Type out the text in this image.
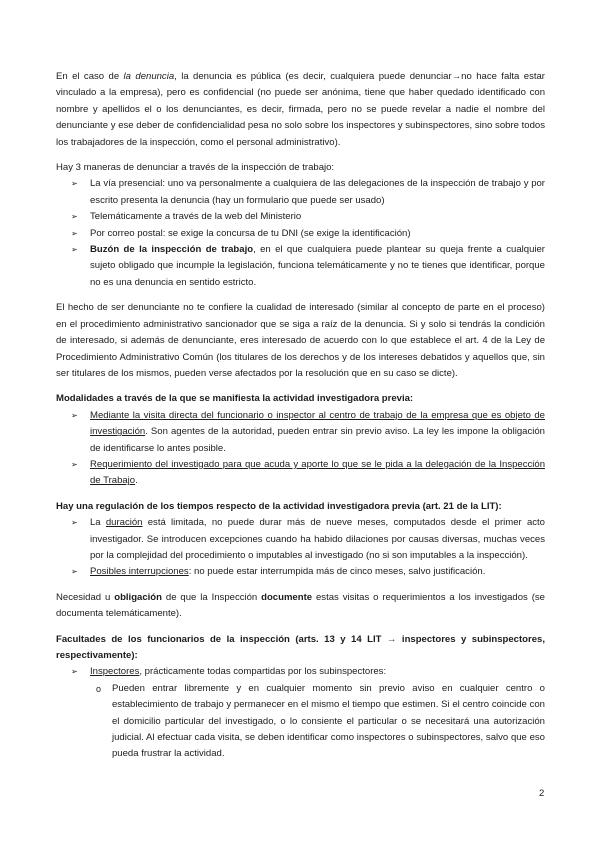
En el caso de la denuncia, la denuncia es pública (es decir, cualquiera puede denunciar→no hace falta estar vinculado a la empresa), pero es confidencial (no puede ser anónima, tiene que haber quedado identificado con nombre y apellidos el o los denunciantes, es decir, firmada, pero no se puede revelar a nadie el nombre del denunciante y ese deber de confidencialidad pesa no solo sobre los inspectores y subinspectores, sino sobre todos los trabajadores de la inspección, como el personal administrativo).

Hay 3 maneras de denunciar a través de la inspección de trabajo:

➢ La vía presencial: uno va personalmente a cualquiera de las delegaciones de la inspección de trabajo y por escrito presenta la denuncia (hay un formulario que puede ser usado)
➢ Telemáticamente a través de la web del Ministerio
➢ Por correo postal: se exige la concursa de tu DNI (se exige la identificación)
➢ Buzón de la inspección de trabajo, en el que cualquiera puede plantear su queja frente a cualquier sujeto obligado que incumple la legislación, funciona telemáticamente y no te tienes que identificar, porque no es una denuncia en sentido estricto.

El hecho de ser denunciante no te confiere la cualidad de interesado (similar al concepto de parte en el proceso) en el procedimiento administrativo sancionador que se siga a raíz de la denuncia. Si y solo si tendrás la condición de interesado, si además de denunciante, eres interesado de acuerdo con lo que establece el art. 4 de la Ley de Procedimiento Administrativo Común (los titulares de los derechos y de los intereses debatidos y aquellos que, sin ser titulares de los mismos, pueden verse afectados por la resolución que en su caso se dicte).

Modalidades a través de la que se manifiesta la actividad investigadora previa:

➢ Mediante la visita directa del funcionario o inspector al centro de trabajo de la empresa que es objeto de investigación. Son agentes de la autoridad, pueden entrar sin previo aviso. La ley les impone la obligación de identificarse lo antes posible.
➢ Requerimiento del investigado para que acuda y aporte lo que se le pida a la delegación de la Inspección de Trabajo.

Hay una regulación de los tiempos respecto de la actividad investigadora previa (art. 21 de la LIT):

➢ La duración está limitada, no puede durar más de nueve meses, computados desde el primer acto investigador. Se introducen excepciones cuando ha habido dilaciones por causas diversas, muchas veces por la complejidad del procedimiento o imputables al investigado (no si son imputables a la inspección).
➢ Posibles interrupciones: no puede estar interrumpida más de cinco meses, salvo justificación.

Necesidad u obligación de que la Inspección documente estas visitas o requerimientos a los investigados (se documenta telemáticamente).

Facultades de los funcionarios de la inspección (arts. 13 y 14 LIT → inspectores y subinspectores, respectivamente):

➢ Inspectores, prácticamente todas compartidas por los subinspectores:
o Pueden entrar libremente y en cualquier momento sin previo aviso en cualquier centro o establecimiento de trabajo y permanecer en el mismo el tiempo que estimen. Si el centro coincide con el domicilio particular del investigado, o lo consiente el particular o se necesitará una autorización judicial. Al efectuar cada visita, se deben identificar como inspectores o subinspectores, salvo que eso pueda frustrar la actividad.
2
